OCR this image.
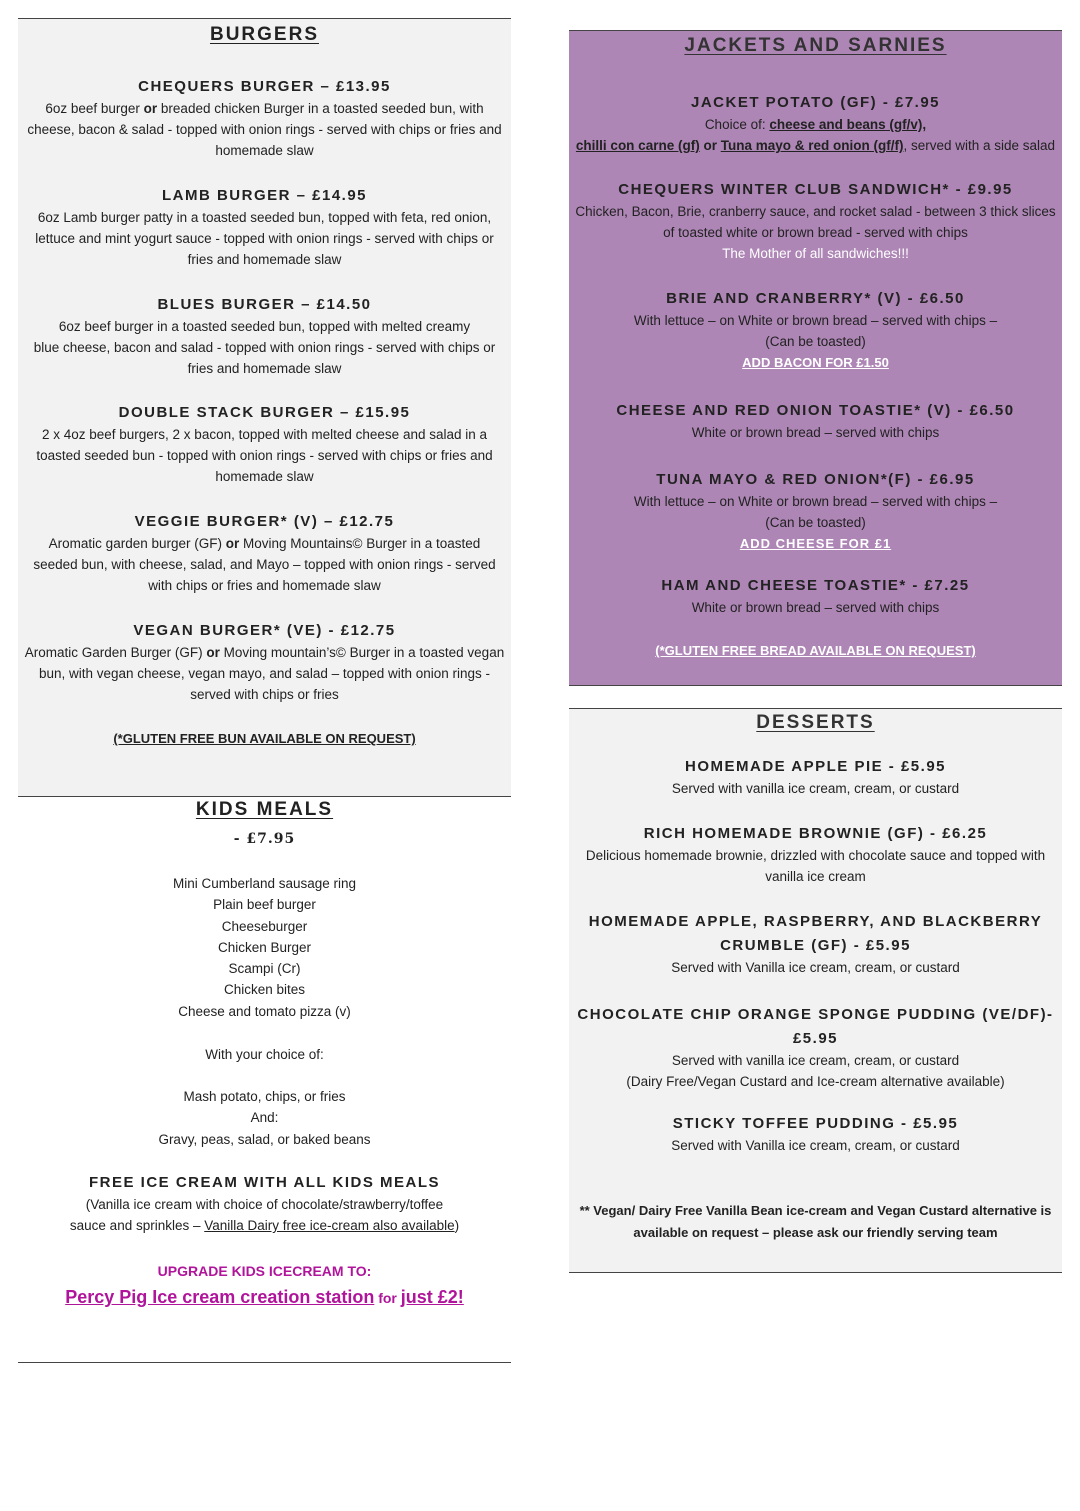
BURGERS

CHEQUERS BURGER – £13.95

6oz beef burger or breaded chicken Burger in a toasted seeded bun, with

cheese, bacon & salad - topped with onion rings - served with chips or fries and

homemade slaw

LAMB BURGER – £14.95

6oz Lamb burger patty in a toasted seeded bun, topped with feta, red onion,

lettuce and mint yogurt sauce - topped with onion rings - served with chips or

fries and homemade slaw

BLUES BURGER – £14.50

6oz beef burger in a toasted seeded bun, topped with melted creamy

blue cheese, bacon and salad - topped with onion rings - served with chips or

fries and homemade slaw

DOUBLE STACK BURGER – £15.95

2 x 4oz beef burgers, 2 x bacon, topped with melted cheese and salad in a

toasted seeded bun - topped with onion rings - served with chips or fries and

homemade slaw

VEGGIE BURGER* (V) – £12.75

Aromatic garden burger (GF) or Moving Mountains© Burger in a toasted

seeded bun, with cheese, salad, and Mayo – topped with onion rings - served

with chips or fries and homemade slaw

VEGAN BURGER* (VE) - £12.75

Aromatic Garden Burger (GF) or Moving mountain’s© Burger in a toasted vegan

bun, with vegan cheese, vegan mayo, and salad – topped with onion rings -

served with chips or fries

(*GLUTEN FREE BUN AVAILABLE ON REQUEST)

KIDS MEALS
- £7.95
Mini Cumberland sausage ring
Plain beef burger
Cheeseburger
Chicken Burger
Scampi (Cr)
Chicken bites
Cheese and tomato pizza (v)
With your choice of:
Mash potato, chips, or fries
And:
Gravy, peas, salad, or baked beans

FREE ICE CREAM WITH ALL KIDS MEALS

(Vanilla ice cream with choice of chocolate/strawberry/toffee

sauce and sprinkles – Vanilla Dairy free ice-cream also available)

UPGRADE KIDS ICECREAM TO:

Percy Pig Ice cream creation station for just £2!

JACKETS AND SARNIES

JACKET POTATO (GF) - £7.95

Choice of: cheese and beans (gf/v),

chilli con carne (gf) or Tuna mayo & red onion (gf/f), served with a side salad

CHEQUERS WINTER CLUB SANDWICH* - £9.95

Chicken, Bacon, Brie, cranberry sauce, and rocket salad - between 3 thick slices

of toasted white or brown bread - served with chips

The Mother of all sandwiches!!!

BRIE AND CRANBERRY* (V) - £6.50

With lettuce – on White or brown bread – served with chips –

(Can be toasted)

ADD BACON FOR £1.50

CHEESE AND RED ONION TOASTIE* (V) - £6.50

White or brown bread – served with chips

TUNA MAYO & RED ONION*(F) - £6.95

With lettuce – on White or brown bread – served with chips –

(Can be toasted)

ADD CHEESE FOR £1

HAM AND CHEESE TOASTIE* - £7.25

White or brown bread – served with chips

(*GLUTEN FREE BREAD AVAILABLE ON REQUEST)

DESSERTS

HOMEMADE APPLE PIE - £5.95

Served with vanilla ice cream, cream, or custard

RICH HOMEMADE BROWNIE (GF) - £6.25

Delicious homemade brownie, drizzled with chocolate sauce and topped with

vanilla ice cream

HOMEMADE APPLE, RASPBERRY, AND BLACKBERRY

CRUMBLE (GF) - £5.95

Served with Vanilla ice cream, cream, or custard

CHOCOLATE CHIP ORANGE SPONGE PUDDING (VE/DF)-

£5.95

Served with vanilla ice cream, cream, or custard

(Dairy Free/Vegan Custard and Ice-cream alternative available)

STICKY TOFFEE PUDDING - £5.95

Served with Vanilla ice cream, cream, or custard

** Vegan/ Dairy Free Vanilla Bean ice-cream and Vegan Custard alternative is

available on request – please ask our friendly serving team
